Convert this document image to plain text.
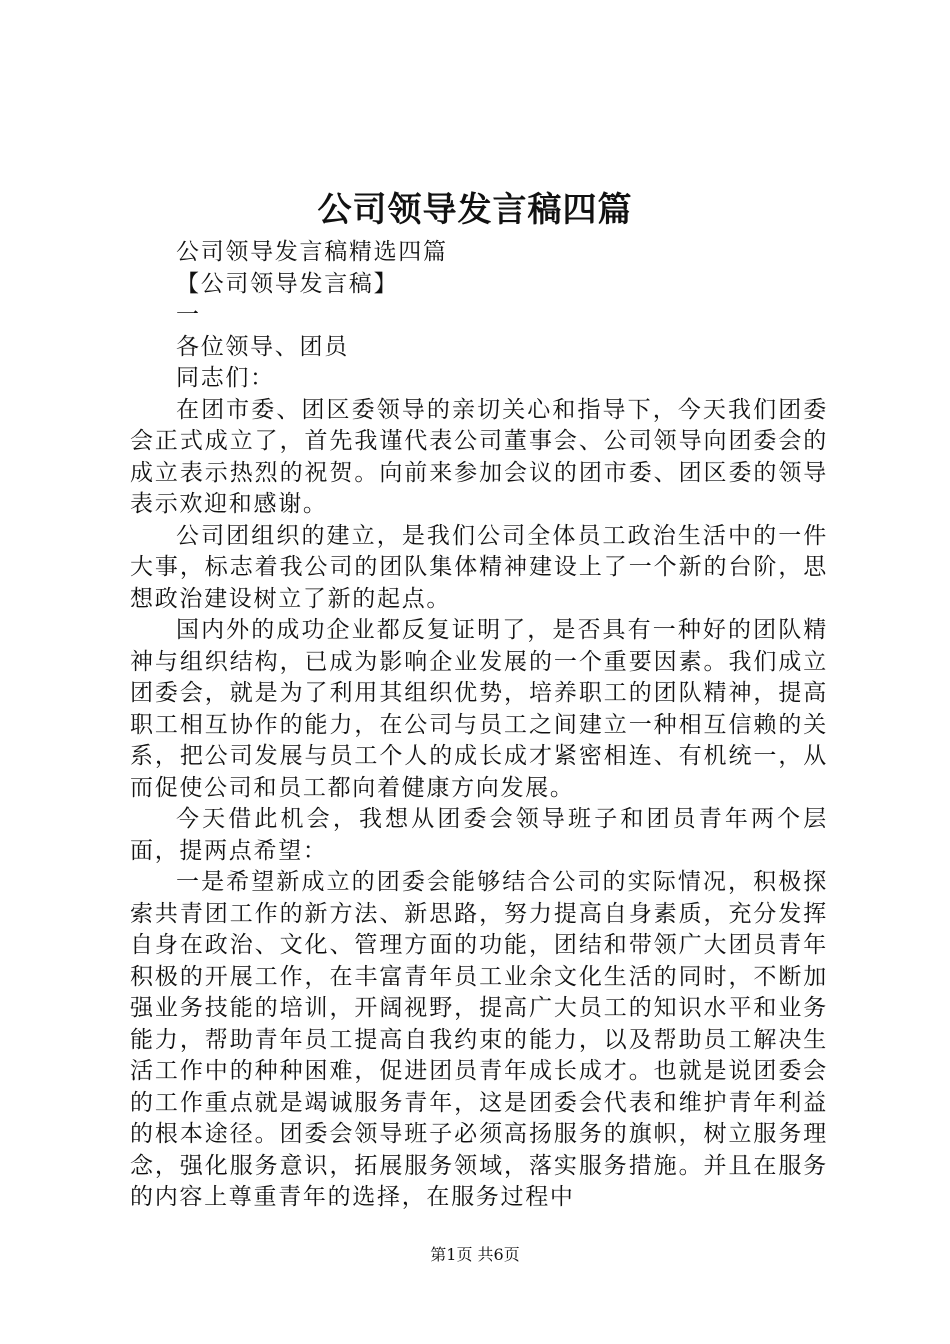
公司领导发言稿四篇

公司领导发言稿精选四篇

【公司领导发言稿】

一

各位领导、团员

同志们：

在团市委、团区委领导的亲切关心和指导下，今天我们团委会正式成立了，首先我谨代表公司董事会、公司领导向团委会的成立表示热烈的祝贺。向前来参加会议的团市委、团区委的领导表示欢迎和感谢。

公司团组织的建立，是我们公司全体员工政治生活中的一件大事，标志着我公司的团队集体精神建设上了一个新的台阶，思想政治建设树立了新的起点。

国内外的成功企业都反复证明了，是否具有一种好的团队精神与组织结构，已成为影响企业发展的一个重要因素。我们成立团委会，就是为了利用其组织优势，培养职工的团队精神，提高职工相互协作的能力，在公司与员工之间建立一种相互信赖的关系，把公司发展与员工个人的成长成才紧密相连、有机统一，从而促使公司和员工都向着健康方向发展。

今天借此机会，我想从团委会领导班子和团员青年两个层面，提两点希望：

一是希望新成立的团委会能够结合公司的实际情况，积极探索共青团工作的新方法、新思路，努力提高自身素质，充分发挥自身在政治、文化、管理方面的功能，团结和带领广大团员青年积极的开展工作，在丰富青年员工业余文化生活的同时，不断加强业务技能的培训，开阔视野，提高广大员工的知识水平和业务能力，帮助青年员工提高自我约束的能力，以及帮助员工解决生活工作中的种种困难，促进团员青年成长成才。也就是说团委会的工作重点就是竭诚服务青年，这是团委会代表和维护青年利益的根本途径。团委会领导班子必须高扬服务的旗帜，树立服务理念，强化服务意识，拓展服务领域，落实服务措施。并且在服务的内容上尊重青年的选择，在服务过程中

第1页 共6页
